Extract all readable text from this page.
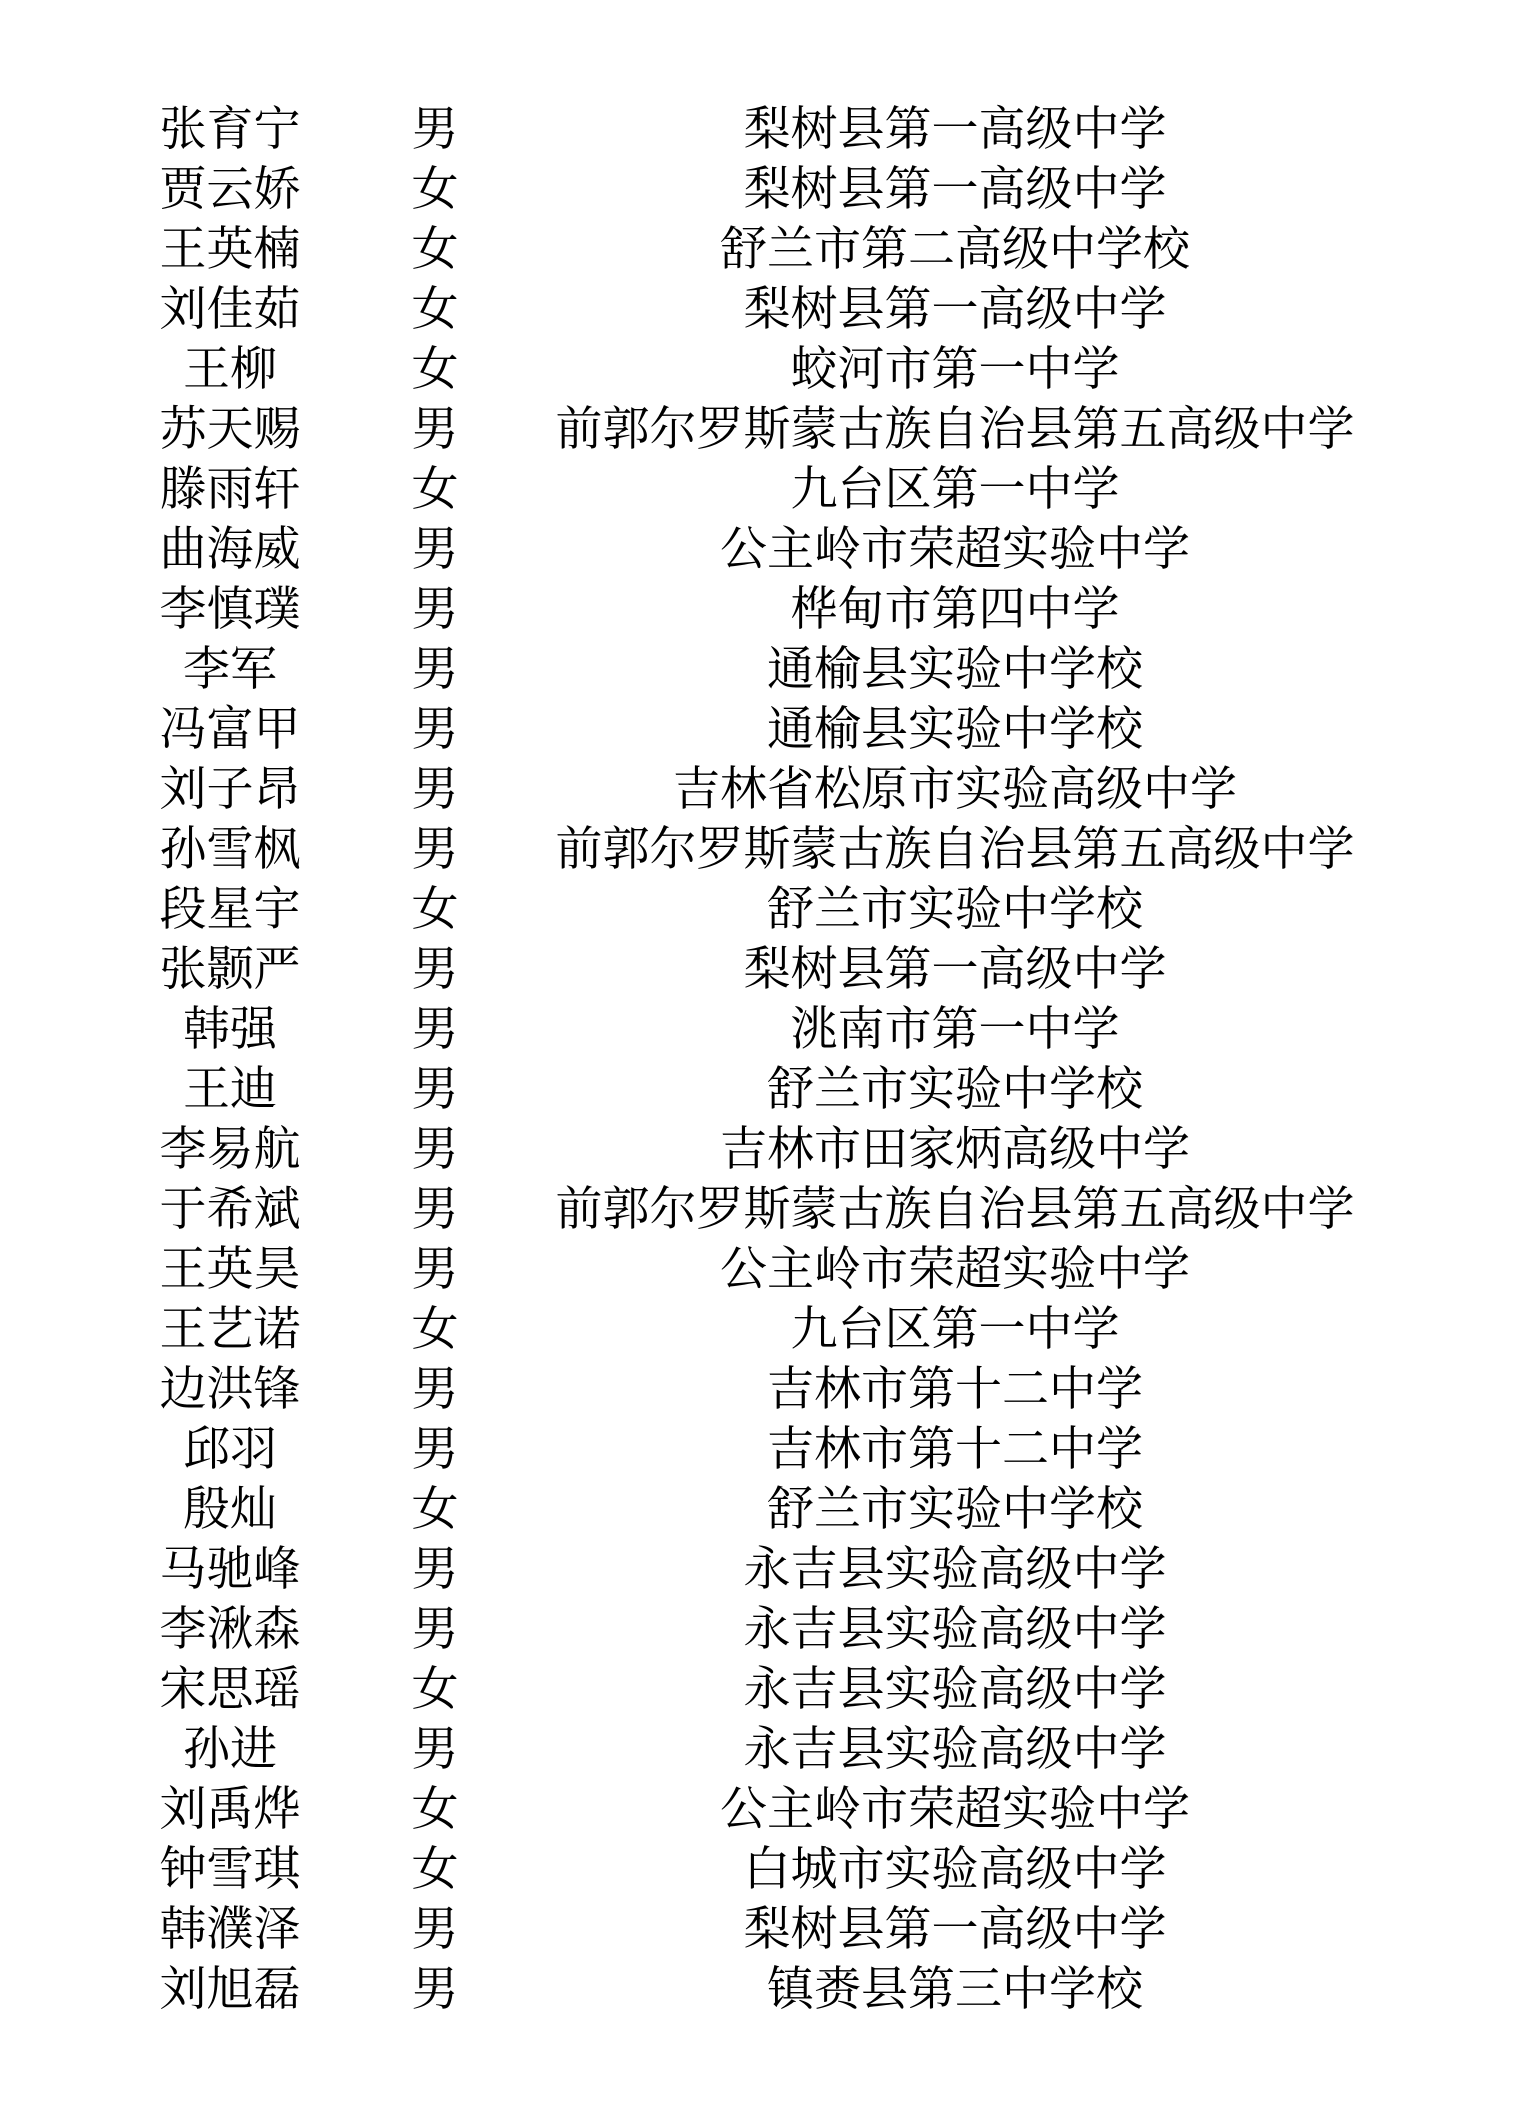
张育宁	男	梨树县第一高级中学
贾云娇	女	梨树县第一高级中学
王英楠	女	舒兰市第二高级中学校
刘佳茹	女	梨树县第一高级中学
王柳	女	蛟河市第一中学
苏天赐	男	前郭尔罗斯蒙古族自治县第五高级中学
滕雨轩	女	九台区第一中学
曲海威	男	公主岭市荣超实验中学
李慎璞	男	桦甸市第四中学
李军	男	通榆县实验中学校
冯富甲	男	通榆县实验中学校
刘子昂	男	吉林省松原市实验高级中学
孙雪枫	男	前郭尔罗斯蒙古族自治县第五高级中学
段星宇	女	舒兰市实验中学校
张颢严	男	梨树县第一高级中学
韩强	男	洮南市第一中学
王迪	男	舒兰市实验中学校
李易航	男	吉林市田家炳高级中学
于希斌	男	前郭尔罗斯蒙古族自治县第五高级中学
王英昊	男	公主岭市荣超实验中学
王艺诺	女	九台区第一中学
边洪锋	男	吉林市第十二中学
邱羽	男	吉林市第十二中学
殷灿	女	舒兰市实验中学校
马驰峰	男	永吉县实验高级中学
李湫森	男	永吉县实验高级中学
宋思瑶	女	永吉县实验高级中学
孙进	男	永吉县实验高级中学
刘禹烨	女	公主岭市荣超实验中学
钟雪琪	女	白城市实验高级中学
韩濮泽	男	梨树县第一高级中学
刘旭磊	男	镇赉县第三中学校
